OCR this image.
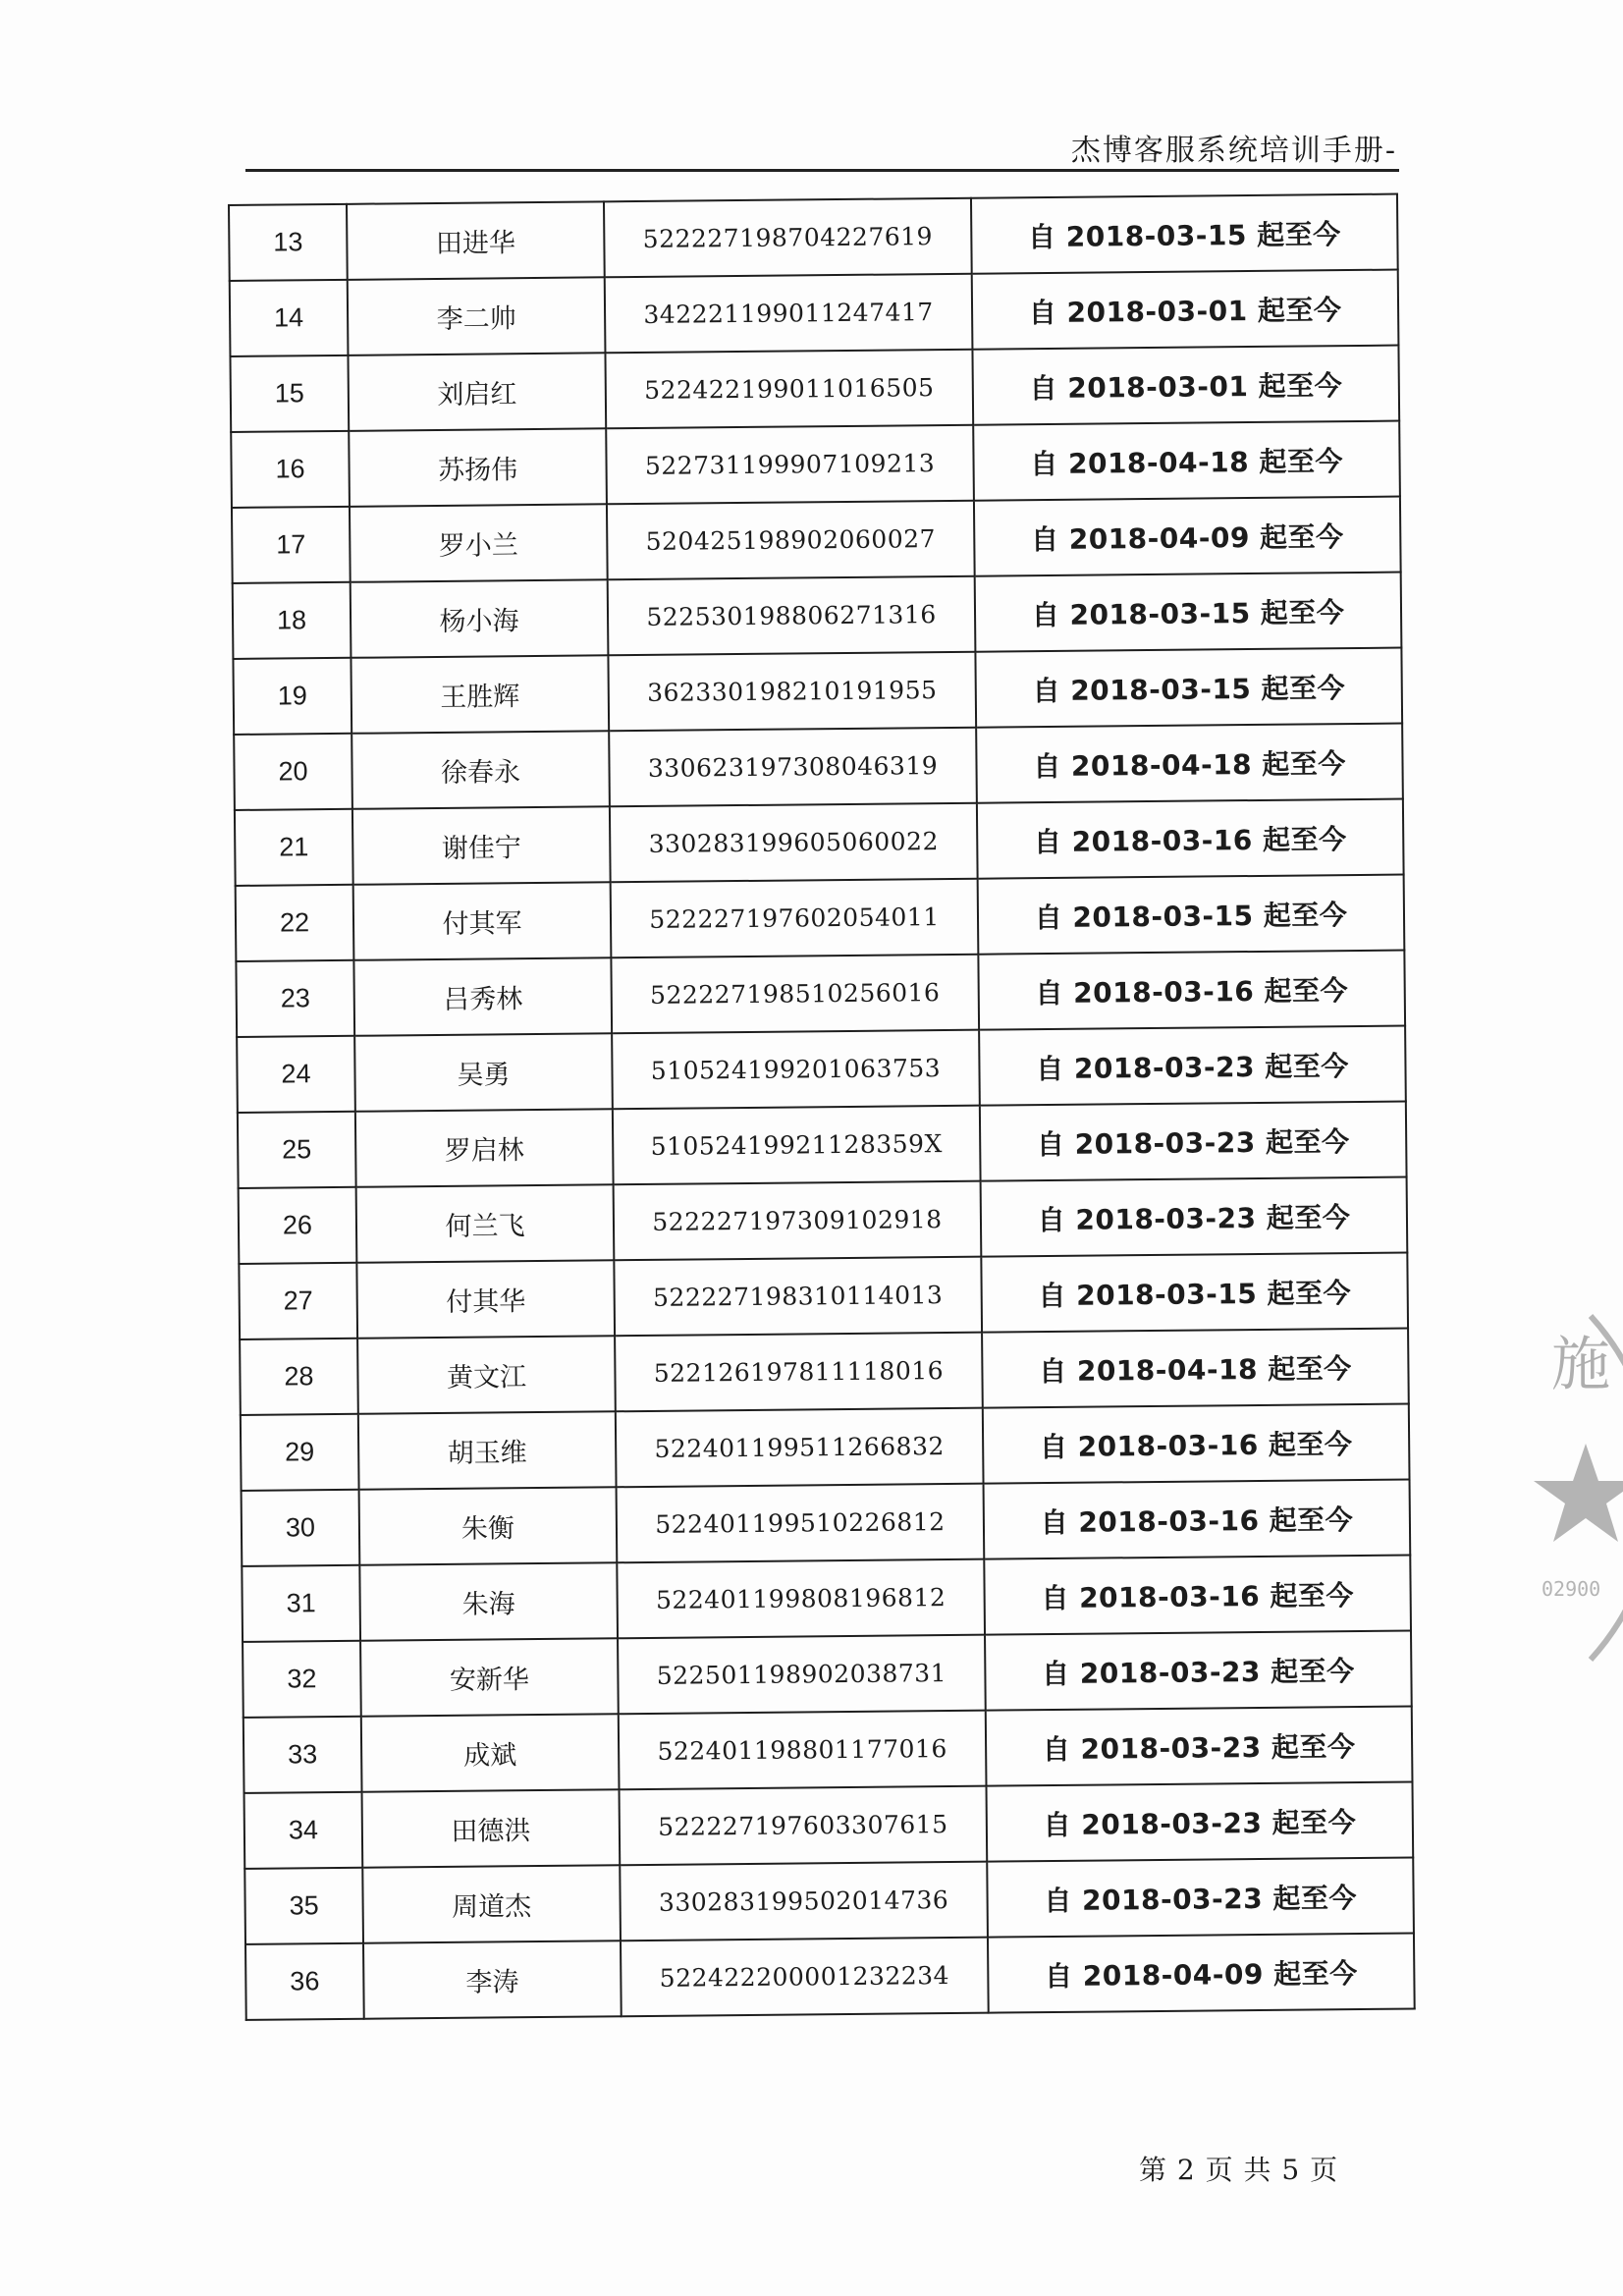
杰博客服系统培训手册-
13	田进华	522227198704227619	自 2018-03-15 起至今
14	李二帅	342221199011247417	自 2018-03-01 起至今
15	刘启红	522422199011016505	自 2018-03-01 起至今
16	苏扬伟	522731199907109213	自 2018-04-18 起至今
17	罗小兰	520425198902060027	自 2018-04-09 起至今
18	杨小海	522530198806271316	自 2018-03-15 起至今
19	王胜辉	362330198210191955	自 2018-03-15 起至今
20	徐春永	330623197308046319	自 2018-04-18 起至今
21	谢佳宁	330283199605060022	自 2018-03-16 起至今
22	付其军	522227197602054011	自 2018-03-15 起至今
23	吕秀林	522227198510256016	自 2018-03-16 起至今
24	吴勇	510524199201063753	自 2018-03-23 起至今
25	罗启林	51052419921128359X	自 2018-03-23 起至今
26	何兰飞	522227197309102918	自 2018-03-23 起至今
27	付其华	522227198310114013	自 2018-03-15 起至今
28	黄文江	522126197811118016	自 2018-04-18 起至今
29	胡玉维	522401199511266832	自 2018-03-16 起至今
30	朱衡	522401199510226812	自 2018-03-16 起至今
31	朱海	522401199808196812	自 2018-03-16 起至今
32	安新华	522501198902038731	自 2018-03-23 起至今
33	成斌	522401198801177016	自 2018-03-23 起至今
34	田德洪	522227197603307615	自 2018-03-23 起至今
35	周道杰	330283199502014736	自 2018-03-23 起至今
36	李涛	522422200001232234	自 2018-04-09 起至今
第 2 页 共 5 页
施
02900
